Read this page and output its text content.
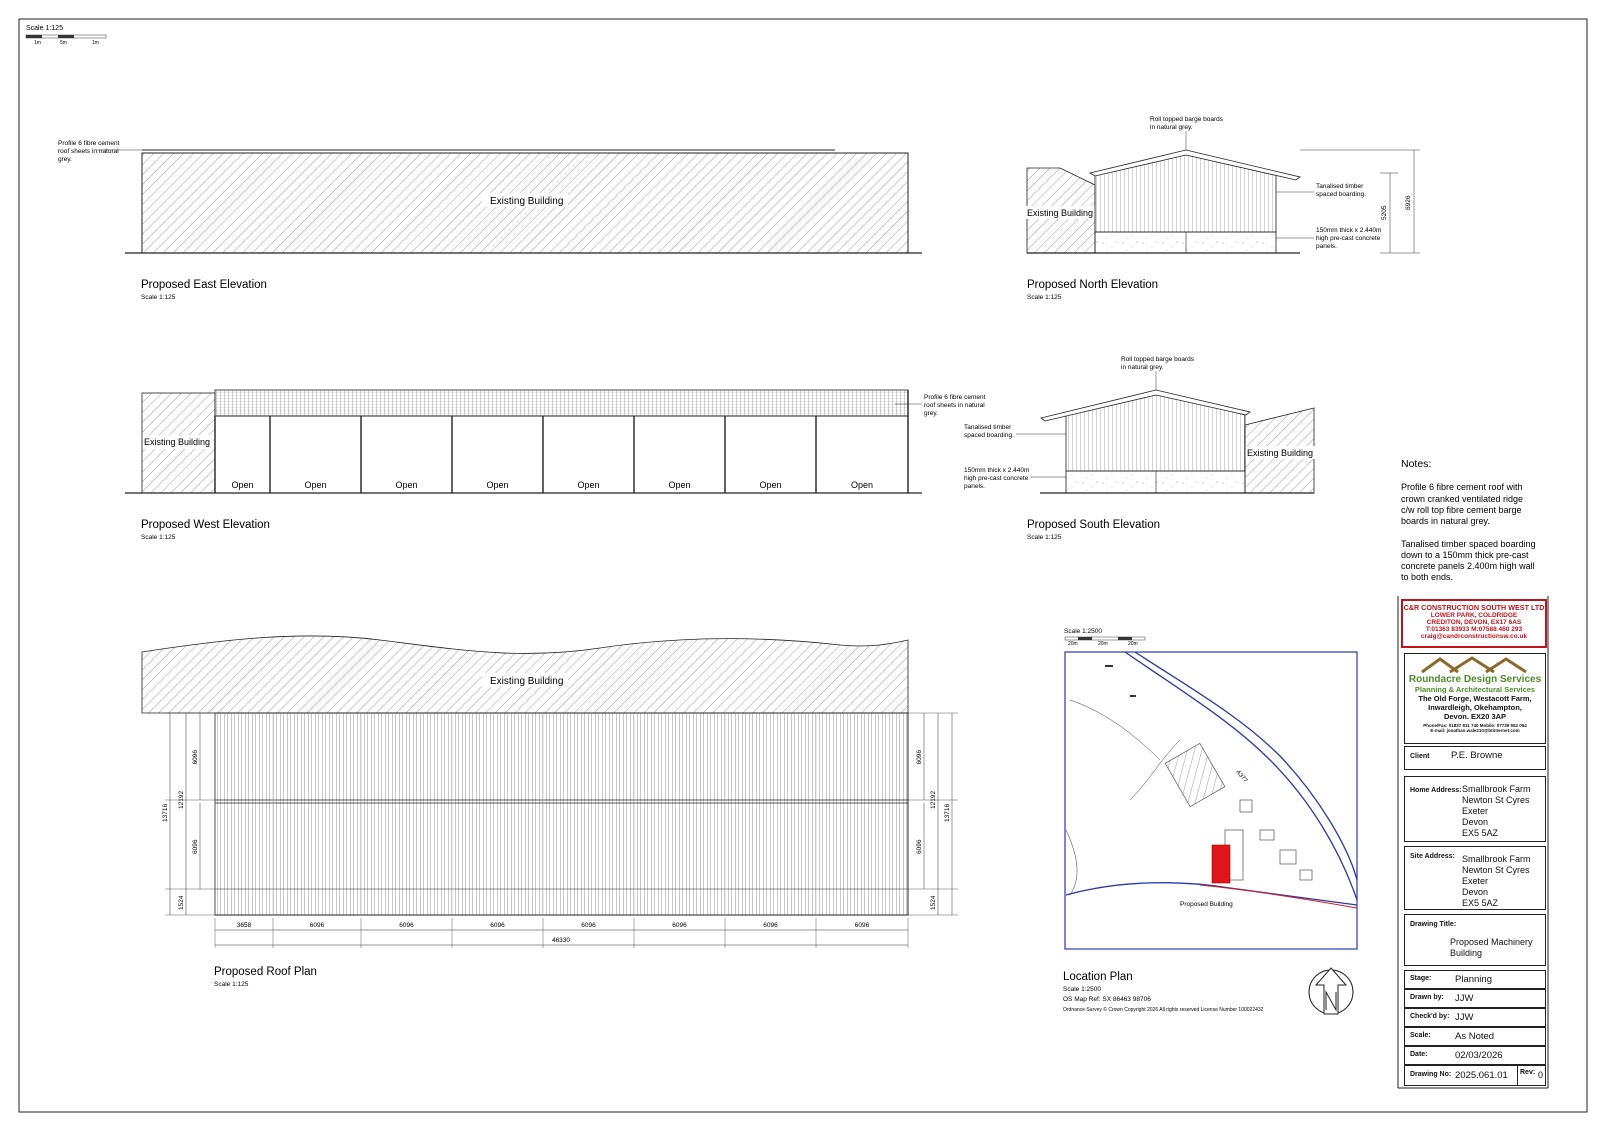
Scale 1:125
1m	5m	1m
Existing Building
Profile 6 fibre cement
roof sheets in natural
grey.
Proposed East Elevation
Scale 1:125
Existing Building
Roll topped barge boards
in natural grey.
Tanalised timber
spaced boarding.
150mm thick x 2.440m
high pre-cast concrete
panels.
5205
6926
Proposed North Elevation
Scale 1:125
Existing Building
Profile 6 fibre cement
roof sheets in natural
grey.
Open	Open	Open	Open	Open	Open	Open	Open
Proposed West Elevation
Scale 1:125
Existing Building
Roll topped barge boards
in natural grey.
Tanalised timber
spaced boarding.
150mm thick x 2.440m
high pre-cast concrete
panels.
Proposed South Elevation
Scale 1:125
Existing Building
3658	6096	6096	6096	6096	6096	6096	6096
46330
13716
12192
6096
6096
1524
6096
6096
12192
13716
1524
Proposed Roof Plan
Scale 1:125
Scale 1:2500
20m	20m	20m
A377
Proposed Building
Location Plan
Scale 1:2500
OS Map Ref: SX 86463 98706
Ordnance Survey © Crown Copyright 2026 All rights reserved License Number 100022432
Notes:
Profile 6 fibre cement roof with
crown cranked ventilated ridge
c/w roll top fibre cement barge
boards in natural grey.
Tanalised timber spaced boarding
down to a 150mm thick pre-cast
concrete panels 2.400m high wall
to both ends.
C&R CONSTRUCTION SOUTH WEST LTD
LOWER PARK, COLDRIDGE
CREDITON, DEVON, EX17 6AS
T:01363 83933 M:07588 460 293
craig@candrconstructionsw.co.uk
Roundacre Design Services
Planning & Architectural Services
The Old Forge, Westacott Farm,
Inwardleigh, Okehampton,
Devon. EX20 3AP
Phone/Fax: 01837 811 740 Mobile: 07739 552 054
E-mail: jonathan.wale210@btinternet.com
Client P.E. Browne
Home Address: Smallbrook Farm
Newton St Cyres
Exeter
Devon
EX5 5AZ
Site Address: Smallbrook Farm
Newton St Cyres
Exeter
Devon
EX5 5AZ
Drawing Title:
Proposed Machinery
Building
Stage: Planning
Drawn by: JJW
Check'd by: JJW
Scale:	As Noted
Date:	02/03/2026
Drawing No: 2025.061.01 Rev: 0
